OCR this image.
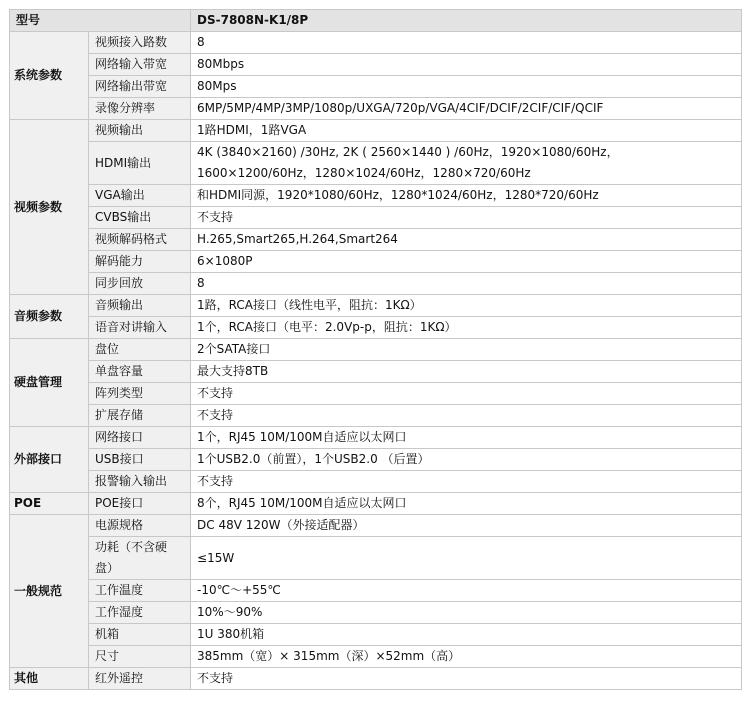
型号		DS-7808N-K1/8P
系统参数	视频接入路数	8
	网络输入带宽	80Mbps
	网络输出带宽	80Mps
	录像分辨率	6MP/5MP/4MP/3MP/1080p/UXGA/720p/VGA/4CIF/DCIF/2CIF/CIF/QCIF
视频参数	视频输出	1路HDMI，1路VGA
	HDMI输出	4K (3840×2160) /30Hz, 2K ( 2560×1440 ) /60Hz，1920×1080/60Hz，1600×1200/60Hz，1280×1024/60Hz，1280×720/60Hz
	VGA输出	和HDMI同源，1920*1080/60Hz，1280*1024/60Hz，1280*720/60Hz
	CVBS输出	不支持
	视频解码格式	H.265,Smart265,H.264,Smart264
	解码能力	6×1080P
	同步回放	8
音频参数	音频输出	1路，RCA接口（线性电平，阻抗：1KΩ）
	语音对讲输入	1个，RCA接口（电平：2.0Vp-p，阻抗：1KΩ）
硬盘管理	盘位	2个SATA接口
	单盘容量	最大支持8TB
	阵列类型	不支持
	扩展存储	不支持
外部接口	网络接口	1个，RJ45 10M/100M自适应以太网口
	USB接口	1个USB2.0（前置），1个USB2.0 （后置）
	报警输入输出	不支持
POE	POE接口	8个，RJ45 10M/100M自适应以太网口
一般规范	电源规格	DC 48V 120W（外接适配器）
	功耗（不含硬盘）	≤15W
	工作温度	-10℃～+55℃
	工作湿度	10%～90%
	机箱	1U 380机箱
	尺寸	385mm（宽）× 315mm（深）×52mm（高）
其他	红外遥控	不支持
